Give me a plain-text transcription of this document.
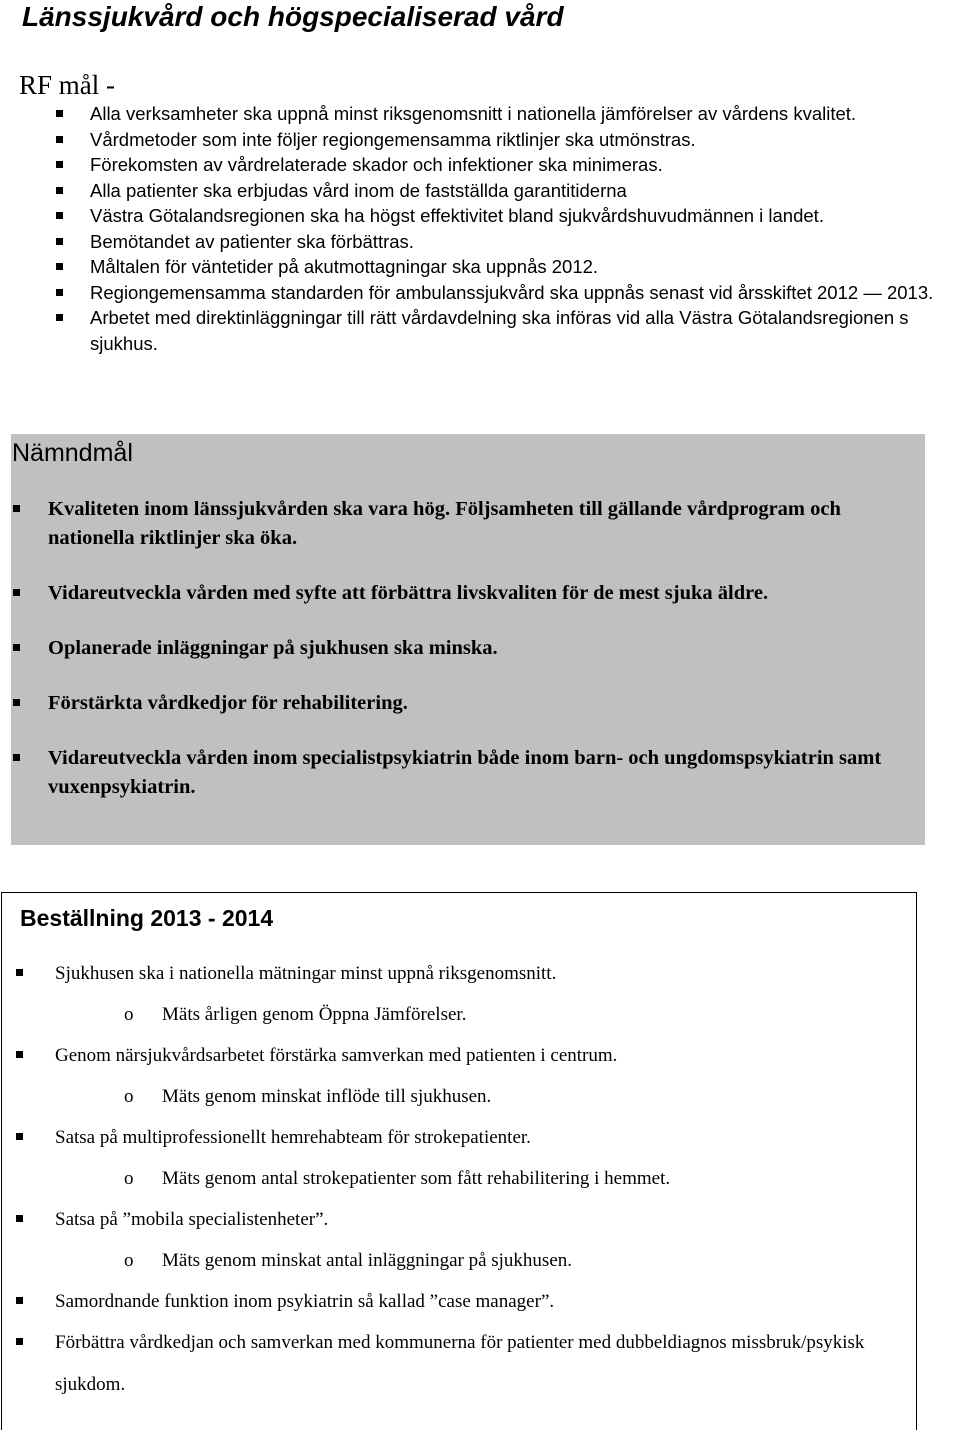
Länssjukvård och högspecialiserad vård
RF mål -
Alla verksamheter ska uppnå minst riksgenomsnitt i nationella jämförelser av vårdens kvalitet.
Vårdmetoder som inte följer regiongemensamma riktlinjer ska utmönstras.
Förekomsten av vårdrelaterade skador och infektioner ska minimeras.
Alla patienter ska erbjudas vård inom de fastställda garantitiderna
Västra Götalandsregionen ska ha högst effektivitet bland sjukvårdshuvudmännen i landet.
Bemötandet av patienter ska förbättras.
Måltalen för väntetider på akutmottagningar ska uppnås 2012.
Regiongemensamma standarden för ambulanssjukvård ska uppnås senast vid årsskiftet 2012 — 2013.
Arbetet med direktinläggningar till rätt vårdavdelning ska införas vid alla Västra Götalandsregionen s sjukhus.
Nämndmål
Kvaliteten inom länssjukvården ska vara hög. Följsamheten till gällande vårdprogram och nationella riktlinjer ska öka.
Vidareutveckla vården med syfte att förbättra livskvaliten för de mest sjuka äldre.
Oplanerade inläggningar på sjukhusen ska minska.
Förstärkta vårdkedjor för rehabilitering.
Vidareutveckla vården inom specialistpsykiatrin både inom barn- och ungdomspsykiatrin samt vuxenpsykiatrin.
Beställning 2013 - 2014
Sjukhusen ska i nationella mätningar minst uppnå riksgenomsnitt.
o Mäts årligen genom Öppna Jämförelser.
Genom närsjukvårdsarbetet förstärka samverkan med patienten i centrum.
o Mäts genom minskat inflöde till sjukhusen.
Satsa på multiprofessionellt hemrehabteam för strokepatienter.
o Mäts genom antal strokepatienter som fått rehabilitering i hemmet.
Satsa på ”mobila specialistenheter”.
o Mäts genom minskat antal inläggningar på sjukhusen.
Samordnande funktion inom psykiatrin så kallad ”case manager”.
Förbättra vårdkedjan och samverkan med kommunerna för patienter med dubbeldiagnos missbruk/psykisk sjukdom.
